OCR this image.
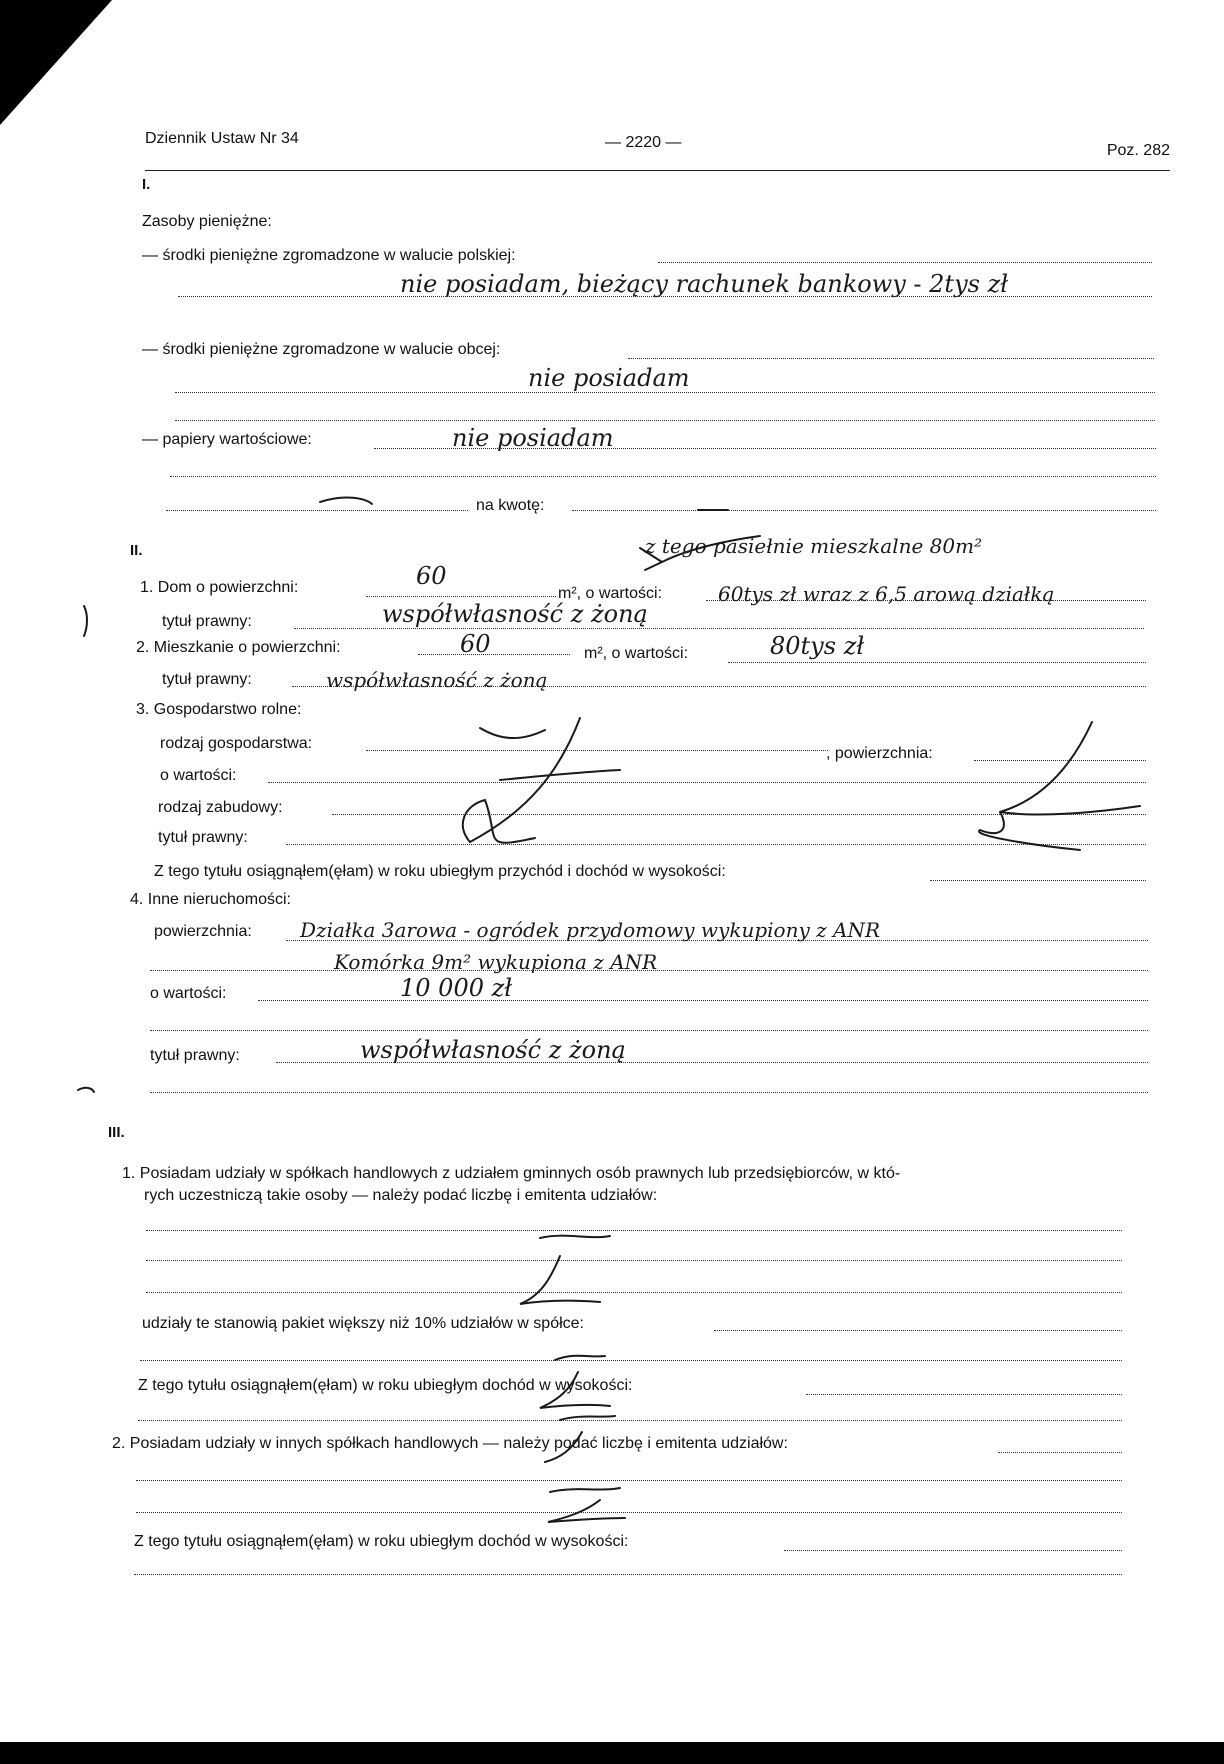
Dziennik Ustaw Nr 34	— 2220 —	Poz. 282
I.
Zasoby pieniężne:
— środki pieniężne zgromadzone w walucie polskiej:
nie posiadam, bieżący rachunek bankowy - 2tys zł
— środki pieniężne zgromadzone w walucie obcej:
nie posiadam
— papiery wartościowe:	nie posiadam
na kwotę:
II.	z tego pasiełnie mieszkalne 80m²
1. Dom o powierzchni:	60
m², o wartości:	60tys zł wraz z 6,5 arową działką
tytuł prawny:	współwłasność z żoną
2. Mieszkanie o powierzchni:	60	m², o wartości:	80tys zł
tytuł prawny:	współwłasność z żoną
3. Gospodarstwo rolne:
rodzaj gospodarstwa:
, powierzchnia:
o wartości:
rodzaj zabudowy:
tytuł prawny:
Z tego tytułu osiągnąłem(ęłam) w roku ubiegłym przychód i dochód w wysokości:
4. Inne nieruchomości:
powierzchnia: Działka 3arowa - ogródek przydomowy wykupiony z ANR
Komórka 9m² wykupiona z ANR
o wartości:	10 000 zł
tytuł prawny:	współwłasność z żoną
III.
1. Posiadam udziały w spółkach handlowych z udziałem gminnych osób prawnych lub przedsiębiorców, w któ-
rych uczestniczą takie osoby — należy podać liczbę i emitenta udziałów:
udziały te stanowią pakiet większy niż 10% udziałów w spółce:
Z tego tytułu osiągnąłem(ęłam) w roku ubiegłym dochód w wysokości:
2. Posiadam udziały w innych spółkach handlowych — należy podać liczbę i emitenta udziałów:
Z tego tytułu osiągnąłem(ęłam) w roku ubiegłym dochód w wysokości:
